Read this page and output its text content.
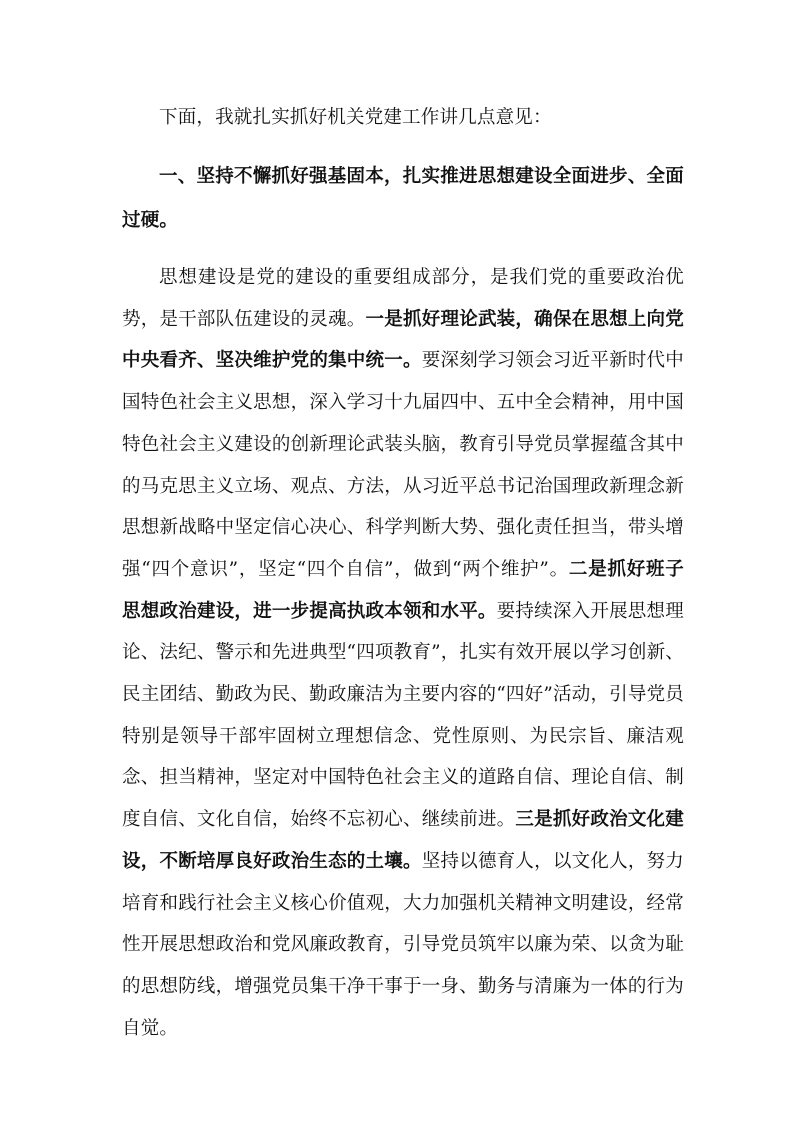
下面，我就扎实抓好机关党建工作讲几点意见：

一、坚持不懈抓好强基固本，扎实推进思想建设全面进步、全面过硬。

思想建设是党的建设的重要组成部分，是我们党的重要政治优势，是干部队伍建设的灵魂。一是抓好理论武装，确保在思想上向党中央看齐、坚决维护党的集中统一。要深刻学习领会习近平新时代中国特色社会主义思想，深入学习十九届四中、五中全会精神，用中国特色社会主义建设的创新理论武装头脑，教育引导党员掌握蕴含其中的马克思主义立场、观点、方法，从习近平总书记治国理政新理念新思想新战略中坚定信心决心、科学判断大势、强化责任担当，带头增强“四个意识”，坚定“四个自信”，做到“两个维护”。二是抓好班子思想政治建设，进一步提高执政本领和水平。要持续深入开展思想理论、法纪、警示和先进典型“四项教育”，扎实有效开展以学习创新、民主团结、勤政为民、勤政廉洁为主要内容的“四好”活动，引导党员特别是领导干部牢固树立理想信念、党性原则、为民宗旨、廉洁观念、担当精神，坚定对中国特色社会主义的道路自信、理论自信、制度自信、文化自信，始终不忘初心、继续前进。三是抓好政治文化建设，不断培厚良好政治生态的土壤。坚持以德育人，以文化人，努力培育和践行社会主义核心价值观，大力加强机关精神文明建设，经常性开展思想政治和党风廉政教育，引导党员筑牢以廉为荣、以贪为耻的思想防线，增强党员集干净干事于一身、勤务与清廉为一体的行为自觉。
